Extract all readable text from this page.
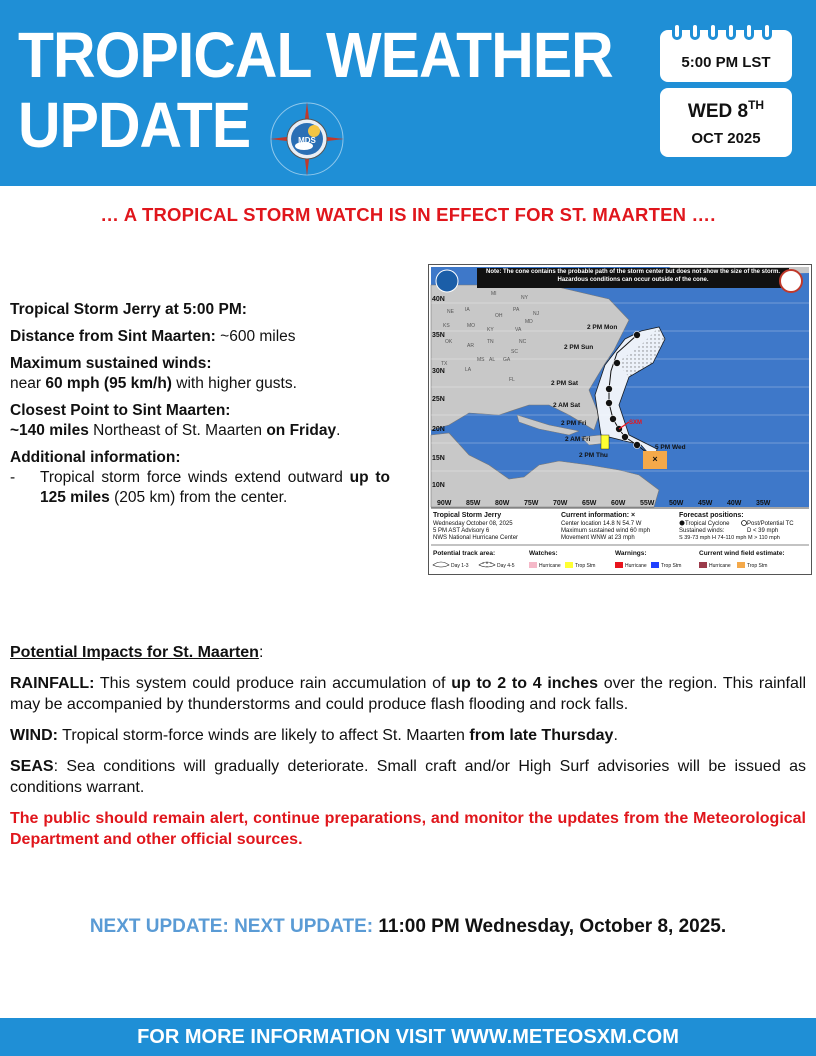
TROPICAL WEATHER
UPDATE	MDS
5:00 PM LST
WED 8TH
OCT 2025
… A TROPICAL STORM WATCH IS IN EFFECT FOR ST. MAARTEN ….
Tropical Storm Jerry at 5:00 PM:
Distance from Sint Maarten: ~600 miles
Maximum sustained winds:
near 60 mph (95 km/h) with higher gusts.
Closest Point to Sint Maarten:
~140 miles Northeast of St. Maarten on Friday.
Additional information:
-	Tropical storm force winds extend outward up to 125 miles (205 km) from the center.
Note: The cone contains the probable path of the storm center but does not show the size of the storm. Hazardous conditions can occur outside of the cone.
40N
35N
30N
25N
20N
15N
10N
90W 85W 80W 75W 70W 65W 60W 55W 50W 45W 40W 35W
MI
NY
NE IA	PA
NJ
OH
MD
VA
KS	MO
KY
NC
OK	TN
AR
SC
MS AL GA
LA
TX
FL
×
SXM
2 PM Mon
2 PM Sun
2 PM Sat
2 AM Sat
2 PM Fri
2 AM Fri
2 PM Thu
5 PM Wed
Tropical Storm Jerry
Wednesday October 08, 2025
5 PM AST Advisory 6
NWS National Hurricane Center
Current information: ×
Center location 14.8 N 54.7 W
Maximum sustained wind 60 mph
Movement WNW at 23 mph
Forecast positions:
Tropical Cyclone	Post/Potential TC
Sustained winds:	D < 39 mph
S 39-73 mph H 74-110 mph M > 110 mph
Potential track area:	Watches:	Warnings:	Current wind field estimate:
Day 1-3	Day 4-5	Hurricane	Trop Stm	Hurricane	Trop Stm	Hurricane	Trop Stm

Potential Impacts for St. Maarten:

RAINFALL: This system could produce rain accumulation of up to 2 to 4 inches over the region. This rainfall may be accompanied by thunderstorms and could produce flash flooding and rock falls.

WIND: Tropical storm-force winds are likely to affect St. Maarten from late Thursday.

SEAS: Sea conditions will gradually deteriorate. Small craft and/or High Surf advisories will be issued as conditions warrant.

The public should remain alert, continue preparations, and monitor the updates from the Meteorological Department and other official sources.

NEXT UPDATE: NEXT UPDATE: 11:00 PM Wednesday, October 8, 2025.
FOR MORE INFORMATION VISIT WWW.METEOSXM.COM
